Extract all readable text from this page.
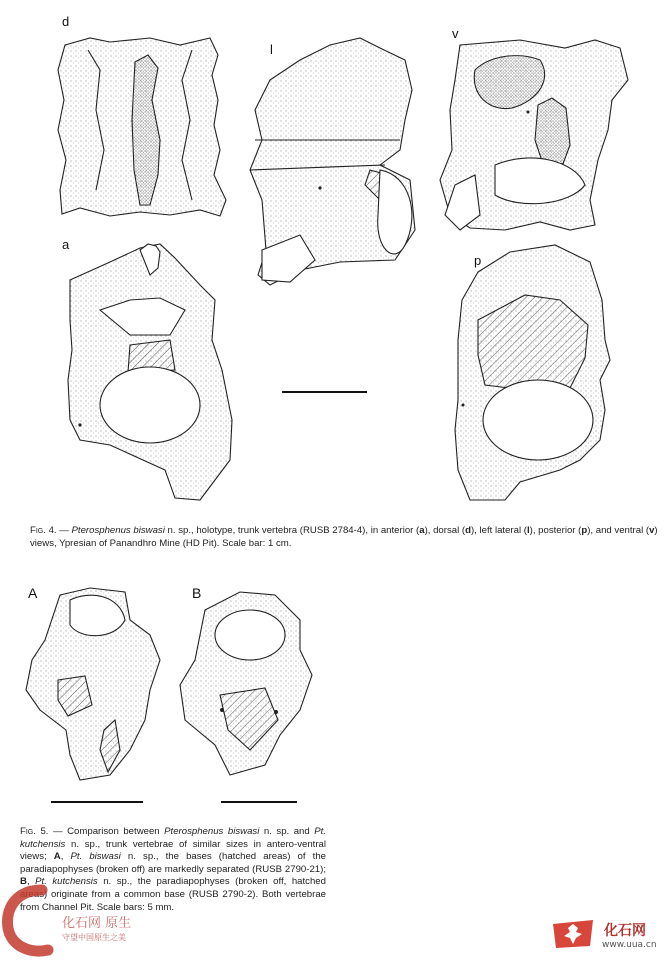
d
l
v
a
p
Fig. 4. — Pterosphenus biswasi n. sp., holotype, trunk vertebra (RUSB 2784-4), in anterior (a), dorsal (d), left lateral (l), posterior (p), and ventral (v) views, Ypresian of Panandhro Mine (HD Pit). Scale bar: 1 cm.
A	B
Fig. 5. — Comparison between Pterosphenus biswasi n. sp. and Pt. kutchensis n. sp., trunk vertebrae of similar sizes in antero-ventral views; A, Pt. biswasi n. sp., the bases (hatched areas) of the paradiapophyses (broken off) are markedly separated (RUSB 2790-21); B, Pt. kutchensis n. sp., the paradiapophyses (broken off, hatched areas) originate from a common base (RUSB 2790-2). Both vertebrae from Channel Pit. Scale bars: 5 mm.
化石网 原生
守望中国原生之美	化石网
www.uua.cn
